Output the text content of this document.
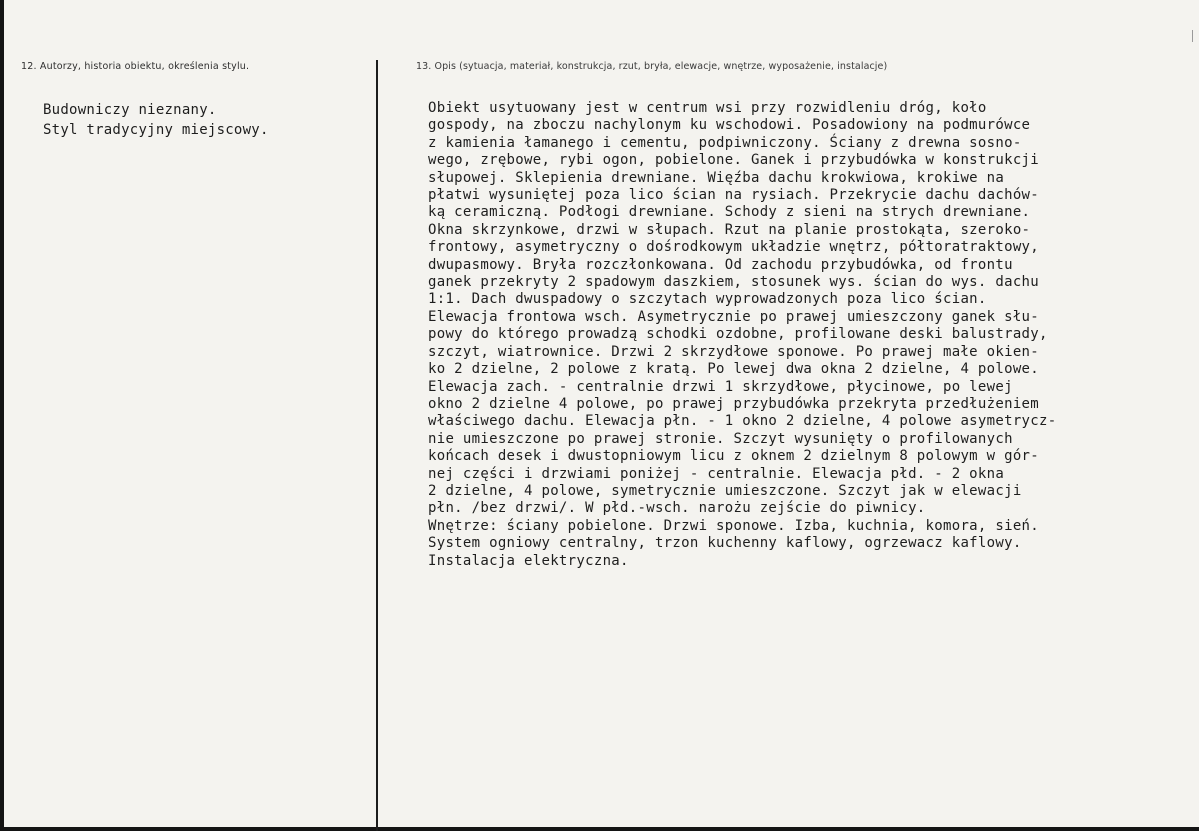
12. Autorzy, historia obiektu, określenia stylu.	13. Opis (sytuacja, materiał, konstrukcja, rzut, bryła, elewacje, wnętrze, wyposażenie, instalacje)
Budowniczy nieznany.
Styl tradycyjny miejscowy.
Obiekt usytuowany jest w centrum wsi przy rozwidleniu dróg, koło
gospody, na zboczu nachylonym ku wschodowi. Posadowiony na podmurówce
z kamienia łamanego i cementu, podpiwniczony. Ściany z drewna sosno-
wego, zrębowe, rybi ogon, pobielone. Ganek i przybudówka w konstrukcji
słupowej. Sklepienia drewniane. Więźba dachu krokwiowa, krokiwe na
płatwi wysuniętej poza lico ścian na rysiach. Przekrycie dachu dachów-
ką ceramiczną. Podłogi drewniane. Schody z sieni na strych drewniane.
Okna skrzynkowe, drzwi w słupach. Rzut na planie prostokąta, szeroko-
frontowy, asymetryczny o dośrodkowym układzie wnętrz, półtoratraktowy,
dwupasmowy. Bryła rozczłonkowana. Od zachodu przybudówka, od frontu
ganek przekryty 2 spadowym daszkiem, stosunek wys. ścian do wys. dachu
1:1. Dach dwuspadowy o szczytach wyprowadzonych poza lico ścian.
Elewacja frontowa wsch. Asymetrycznie po prawej umieszczony ganek słu-
powy do którego prowadzą schodki ozdobne, profilowane deski balustrady,
szczyt, wiatrownice. Drzwi 2 skrzydłowe sponowe. Po prawej małe okien-
ko 2 dzielne, 2 polowe z kratą. Po lewej dwa okna 2 dzielne, 4 polowe.
Elewacja zach. - centralnie drzwi 1 skrzydłowe, płycinowe, po lewej
okno 2 dzielne 4 polowe, po prawej przybudówka przekryta przedłużeniem
właściwego dachu. Elewacja płn. - 1 okno 2 dzielne, 4 polowe asymetrycz-
nie umieszczone po prawej stronie. Szczyt wysunięty o profilowanych
końcach desek i dwustopniowym licu z oknem 2 dzielnym 8 polowym w gór-
nej części i drzwiami poniżej - centralnie. Elewacja płd. - 2 okna
2 dzielne, 4 polowe, symetrycznie umieszczone. Szczyt jak w elewacji
płn. /bez drzwi/. W płd.-wsch. narożu zejście do piwnicy.
Wnętrze: ściany pobielone. Drzwi sponowe. Izba, kuchnia, komora, sień.
System ogniowy centralny, trzon kuchenny kaflowy, ogrzewacz kaflowy.
Instalacja elektryczna.
